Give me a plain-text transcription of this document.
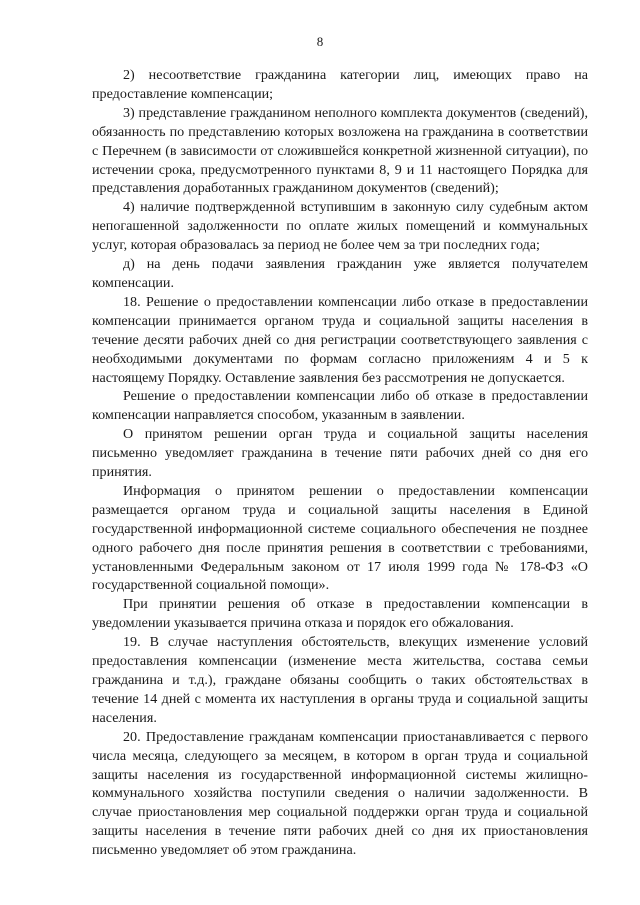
8

2) несоответствие гражданина категории лиц, имеющих право на предоставление компенсации;

3) представление гражданином неполного комплекта документов (сведений), обязанность по представлению которых возложена на гражданина в соответствии с Перечнем (в зависимости от сложившейся конкретной жизненной ситуации), по истечении срока, предусмотренного пунктами 8, 9 и 11 настоящего Порядка для представления доработанных гражданином документов (сведений);

4) наличие подтвержденной вступившим в законную силу судебным актом непогашенной задолженности по оплате жилых помещений и коммунальных услуг, которая образовалась за период не более чем за три последних года;

д) на день подачи заявления гражданин уже является получателем компенсации.

18. Решение о предоставлении компенсации либо отказе в предоставлении компенсации принимается органом труда и социальной защиты населения в течение десяти рабочих дней со дня регистрации соответствующего заявления с необходимыми документами по формам согласно приложениям 4 и 5 к настоящему Порядку. Оставление заявления без рассмотрения не допускается.

Решение о предоставлении компенсации либо об отказе в предоставлении компенсации направляется способом, указанным в заявлении.

О принятом решении орган труда и социальной защиты населения письменно уведомляет гражданина в течение пяти рабочих дней со дня его принятия.

Информация о принятом решении о предоставлении компенсации размещается органом труда и социальной защиты населения в Единой государственной информационной системе социального обеспечения не позднее одного рабочего дня после принятия решения в соответствии с требованиями, установленными Федеральным законом от 17 июля 1999 года № 178-ФЗ «О государственной социальной помощи».

При принятии решения об отказе в предоставлении компенсации в уведомлении указывается причина отказа и порядок его обжалования.

19. В случае наступления обстоятельств, влекущих изменение условий предоставления компенсации (изменение места жительства, состава семьи гражданина и т.д.), граждане обязаны сообщить о таких обстоятельствах в течение 14 дней с момента их наступления в органы труда и социальной защиты населения.

20. Предоставление гражданам компенсации приостанавливается с первого числа месяца, следующего за месяцем, в котором в орган труда и социальной защиты населения из государственной информационной системы жилищно-коммунального хозяйства поступили сведения о наличии задолженности. В случае приостановления мер социальной поддержки орган труда и социальной защиты населения в течение пяти рабочих дней со дня их приостановления письменно уведомляет об этом гражданина.
